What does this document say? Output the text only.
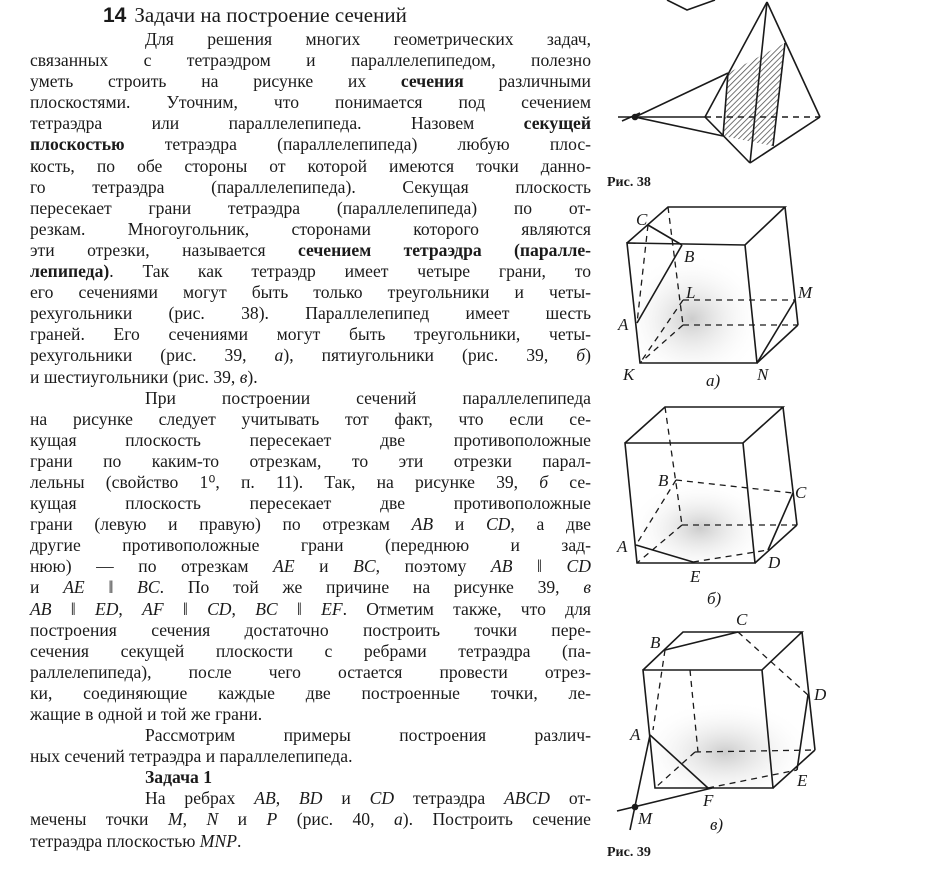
14 Задачи на построение сечений
Для решения многих геометрических задач,
связанных с тетраэдром и параллелепипедом, полезно
уметь строить на рисунке их сечения различными
плоскостями. Уточним, что понимается под сечением
тетраэдра или параллелепипеда. Назовем секущей
плоскостью тетраэдра (параллелепипеда) любую плос-
кость, по обе стороны от которой имеются точки данно-
го тетраэдра (параллелепипеда). Секущая плоскость
пересекает грани тетраэдра (параллелепипеда) по от-
резкам. Многоугольник, сторонами которого являются
эти отрезки, называется сечением тетраэдра (паралле-
лепипеда). Так как тетраэдр имеет четыре грани, то
его сечениями могут быть только треугольники и четы-
рехугольники (рис. 38). Параллелепипед имеет шесть
граней. Его сечениями могут быть треугольники, четы-
рехугольники (рис. 39, а), пятиугольники (рис. 39, б)
и шестиугольники (рис. 39, в).
При построении сечений параллелепипеда
на рисунке следует учитывать тот факт, что если се-
кущая плоскость пересекает две противоположные
грани по каким-то отрезкам, то эти отрезки парал-
лельны (свойство 1⁰, п. 11). Так, на рисунке 39, б се-
кущая плоскость пересекает две противоположные
грани (левую и правую) по отрезкам AB и CD, а две
другие противоположные грани (переднюю и зад-
нюю) — по отрезкам AE и BC, поэтому AB ‖ CD
и AE ‖ BC. По той же причине на рисунке 39, в
AB ‖ ED, AF ‖ CD, BC ‖ EF. Отметим также, что для
построения сечения достаточно построить точки пере-
сечения секущей плоскости с ребрами тетраэдра (па-
раллелепипеда), после чего остается провести отрез-
ки, соединяющие каждые две построенные точки, ле-
жащие в одной и той же грани.
Рассмотрим примеры построения различ-
ных сечений тетраэдра и параллелепипеда.
Задача 1
На ребрах AB, BD и CD тетраэдра ABCD от-
мечены точки M, N и P (рис. 40, а). Построить сечение
тетраэдра плоскостью MNP.
Рис. 38
C
B
L	M
A
K	N
а)
B
C
A
D
E
б)
B
C
D
A
E
F
M	в)
Рис. 39
